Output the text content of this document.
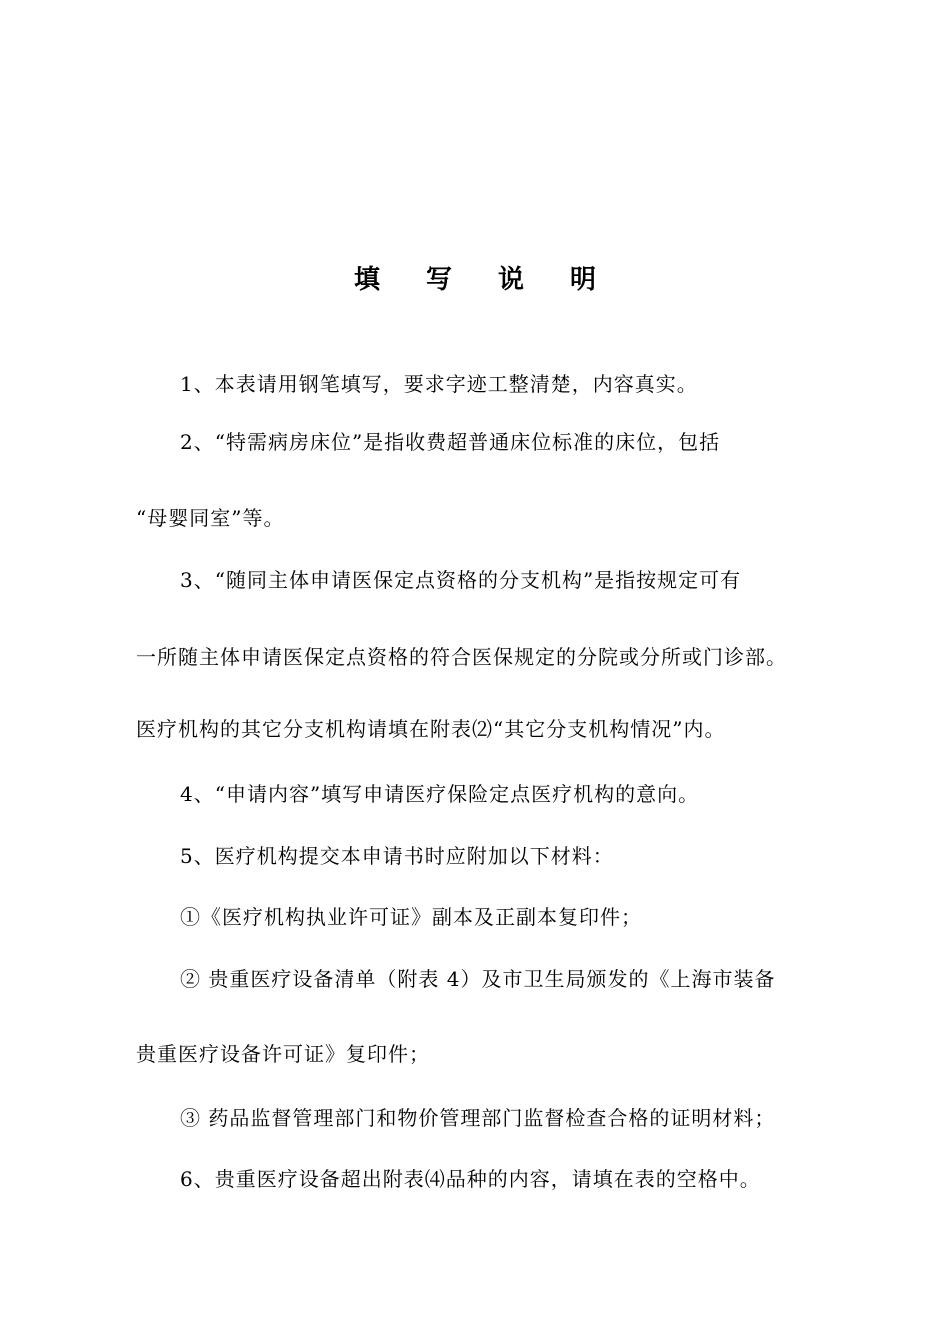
填写说明
1、本表请用钢笔填写，要求字迹工整清楚，内容真实。
2、“特需病房床位”是指收费超普通床位标准的床位，包括
“母婴同室”等。
3、“随同主体申请医保定点资格的分支机构”是指按规定可有
一所随主体申请医保定点资格的符合医保规定的分院或分所或门诊部。
医疗机构的其它分支机构请填在附表⑵“其它分支机构情况”内。
4、“申请内容”填写申请医疗保险定点医疗机构的意向。
5、医疗机构提交本申请书时应附加以下材料：
①《医疗机构执业许可证》副本及正副本复印件；
② 贵重医疗设备清单（附表 4）及市卫生局颁发的《上海市装备
贵重医疗设备许可证》复印件；
③ 药品监督管理部门和物价管理部门监督检查合格的证明材料；
6、贵重医疗设备超出附表⑷品种的内容，请填在表的空格中。
